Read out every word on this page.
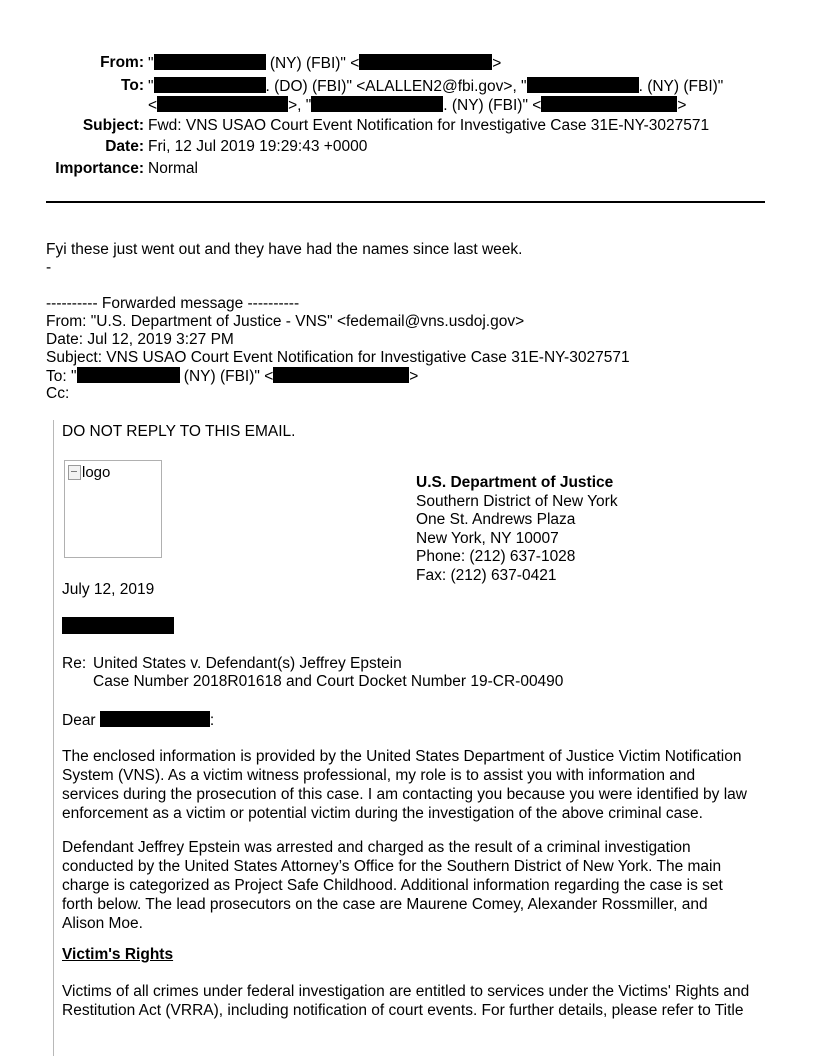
From: "	(NY) (FBI)" <	>
To: "	. (DO) (FBI)" <ALALLEN2@fbi.gov>, "	. (NY) (FBI)"
<	>, "	. (NY) (FBI)" <	>
Subject: Fwd: VNS USAO Court Event Notification for Investigative Case 31E-NY-3027571
Date: Fri, 12 Jul 2019 19:29:43 +0000
Importance: Normal
Fyi these just went out and they have had the names since last week.
-
---------- Forwarded message ----------
From: "U.S. Department of Justice - VNS" <fedemail@vns.usdoj.gov>
Date: Jul 12, 2019 3:27 PM
Subject: VNS USAO Court Event Notification for Investigative Case 31E-NY-3027571
To: "	(NY) (FBI)" <	>
Cc:
DO NOT REPLY TO THIS EMAIL.
logo
U.S. Department of Justice
Southern District of New York
One St. Andrews Plaza
New York, NY 10007
Phone: (212) 637-1028
Fax: (212) 637-0421
July 12, 2019
Re: United States v. Defendant(s) Jeffrey Epstein
Case Number 2018R01618 and Court Docket Number 19-CR-00490
Dear	:
The enclosed information is provided by the United States Department of Justice Victim Notification
System (VNS). As a victim witness professional, my role is to assist you with information and
services during the prosecution of this case. I am contacting you because you were identified by law
enforcement as a victim or potential victim during the investigation of the above criminal case.
Defendant Jeffrey Epstein was arrested and charged as the result of a criminal investigation
conducted by the United States Attorney’s Office for the Southern District of New York. The main
charge is categorized as Project Safe Childhood. Additional information regarding the case is set
forth below. The lead prosecutors on the case are Maurene Comey, Alexander Rossmiller, and
Alison Moe.
Victim's Rights
Victims of all crimes under federal investigation are entitled to services under the Victims' Rights and
Restitution Act (VRRA), including notification of court events. For further details, please refer to Title
